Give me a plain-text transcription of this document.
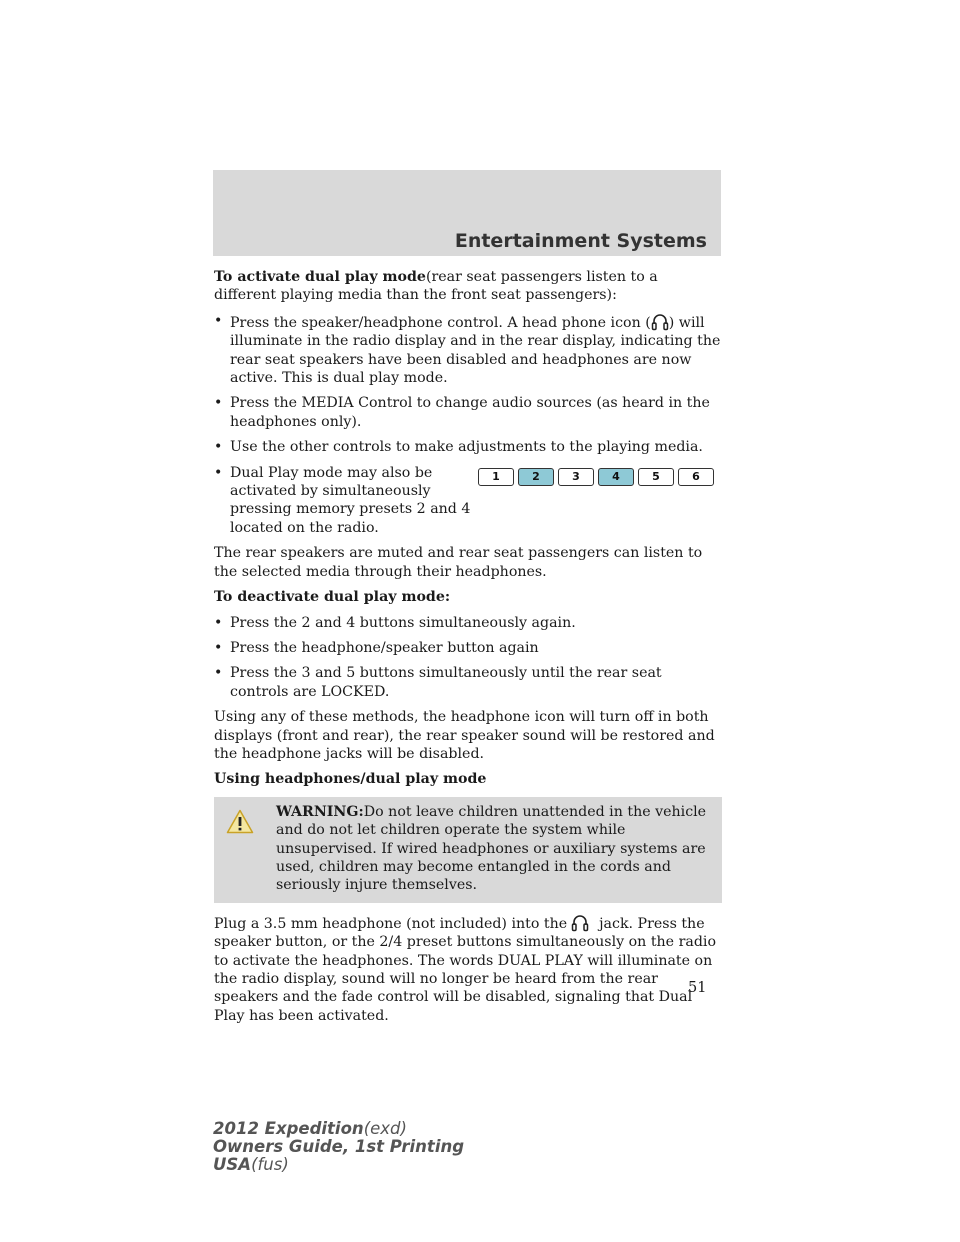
Entertainment Systems

To activate dual play mode(rear seat passengers listen to a different playing media than the front seat passengers):

• Press the speaker/headphone control. A head phone icon ( ) will illuminate in the radio display and in the rear display, indicating the rear seat speakers have been disabled and headphones are now active. This is dual play mode.
• Press the MEDIA Control to change audio sources (as heard in the headphones only).
• Use the other controls to make adjustments to the playing media.
• Dual Play mode may also be activated by simultaneously pressing memory presets 2 and 4 located on the radio.
1	2	3	4	5	6

The rear speakers are muted and rear seat passengers can listen to the selected media through their headphones.

To deactivate dual play mode:

• Press the 2 and 4 buttons simultaneously again.
• Press the headphone/speaker button again
• Press the 3 and 5 buttons simultaneously until the rear seat controls are LOCKED.

Using any of these methods, the headphone icon will turn off in both displays (front and rear), the rear speaker sound will be restored and the headphone jacks will be disabled.

Using headphones/dual play mode

WARNING:Do not leave children unattended in the vehicle and do not let children operate the system while unsupervised. If wired headphones or auxiliary systems are used, children may become entangled in the cords and seriously injure themselves.

Plug a 3.5 mm headphone (not included) into the jack. Press the speaker button, or the 2/4 preset buttons simultaneously on the radio to activate the headphones. The words DUAL PLAY will illuminate on the radio display, sound will no longer be heard from the rear speakers and the fade control will be disabled, signaling that Dual Play has been activated.

51
2012 Expedition(exd)
Owners Guide, 1st Printing
USA(fus)
